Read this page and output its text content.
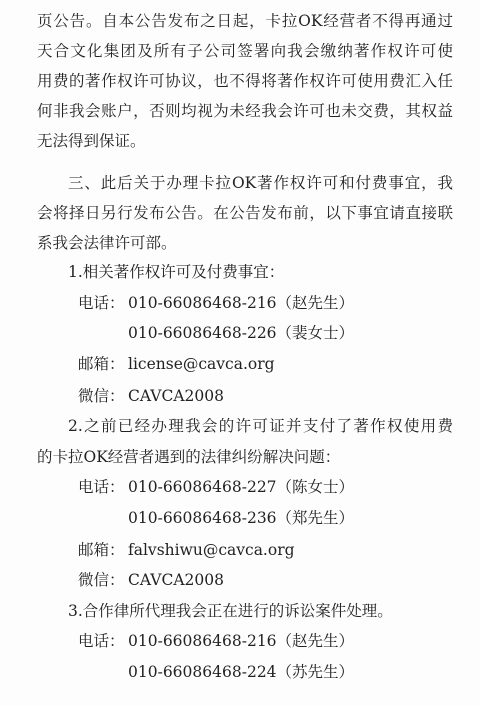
页公告。自本公告发布之日起，卡拉OK经营者不得再通过
天合文化集团及所有子公司签署向我会缴纳著作权许可使
用费的著作权许可协议，也不得将著作权许可使用费汇入任
何非我会账户，否则均视为未经我会许可也未交费，其权益
无法得到保证。
三、此后关于办理卡拉OK著作权许可和付费事宜，我
会将择日另行发布公告。在公告发布前，以下事宜请直接联
系我会法律许可部。
1.相关著作权许可及付费事宜：
电话： 010-66086468-216（赵先生）
010-66086468-226（裴女士）
邮箱： license@cavca.org
微信： CAVCA2008
2.之前已经办理我会的许可证并支付了著作权使用费
的卡拉OK经营者遇到的法律纠纷解决问题：
电话： 010-66086468-227（陈女士）
010-66086468-236（郑先生）
邮箱： falvshiwu@cavca.org
微信： CAVCA2008
3.合作律所代理我会正在进行的诉讼案件处理。
电话： 010-66086468-216（赵先生）
010-66086468-224（苏先生）
